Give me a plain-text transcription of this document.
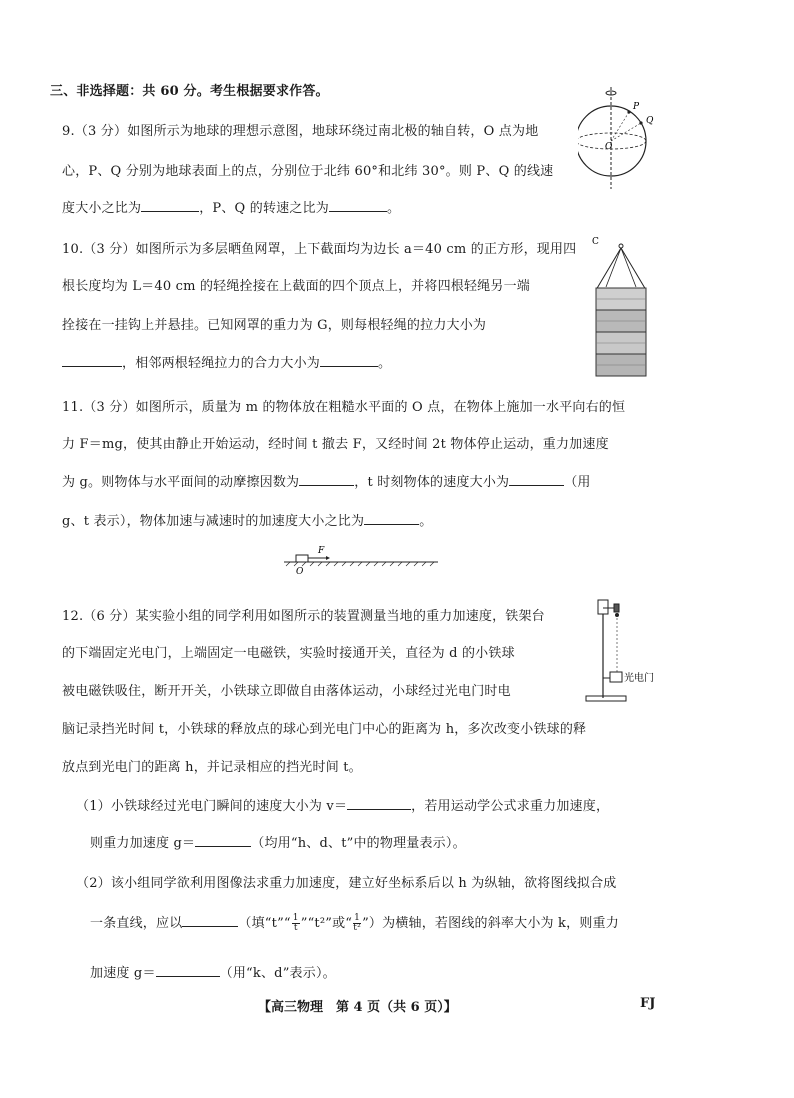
三、非选择题：共 60 分。考生根据要求作答。
9.（3 分）如图所示为地球的理想示意图，地球环绕过南北极的轴自转，O 点为地
心，P、Q 分别为地球表面上的点，分别位于北纬 60°和北纬 30°。则 P、Q 的线速
度大小之比为	，P、Q 的转速之比为	。
P
Q
O
10.（3 分）如图所示为多层晒鱼网罩，上下截面均为边长 a＝40 cm 的正方形，现用四
根长度均为 L＝40 cm 的轻绳拴接在上截面的四个顶点上，并将四根轻绳另一端
拴接在一挂钩上并悬挂。已知网罩的重力为 G，则每根轻绳的拉力大小为
，相邻两根轻绳拉力的合力大小为	。
C
11.（3 分）如图所示，质量为 m 的物体放在粗糙水平面的 O 点，在物体上施加一水平向右的恒
力 F＝mg，使其由静止开始运动，经时间 t 撤去 F，又经时间 2t 物体停止运动，重力加速度
为 g。则物体与水平面间的动摩擦因数为	，t 时刻物体的速度大小为	（用
g、t 表示），物体加速与减速时的加速度大小之比为	。
F
O
12.（6 分）某实验小组的同学利用如图所示的装置测量当地的重力加速度，铁架台
的下端固定光电门，上端固定一电磁铁，实验时接通开关，直径为 d 的小铁球
被电磁铁吸住，断开开关，小铁球立即做自由落体运动，小球经过光电门时电
脑记录挡光时间 t，小铁球的释放点的球心到光电门中心的距离为 h，多次改变小铁球的释
放点到光电门的距离 h，并记录相应的挡光时间 t。
（1）小铁球经过光电门瞬间的速度大小为 v＝	，若用运动学公式求重力加速度，
则重力加速度 g＝	（均用“h、d、t”中的物理量表示）。
（2）该小组同学欲利用图像法求重力加速度，建立好坐标系后以 h 为纵轴，欲将图线拟合成
一条直线，应以	（填“t”“ $\frac{1}{t}$ ”“t²”或“ $\frac{1}{\text{t²}}$ ”）为横轴，若图线的斜率大小为 k，则重力
加速度 g＝	（用“k、d”表示）。
光电门
【高三物理　第 4 页（共 6 页）】	FJ
